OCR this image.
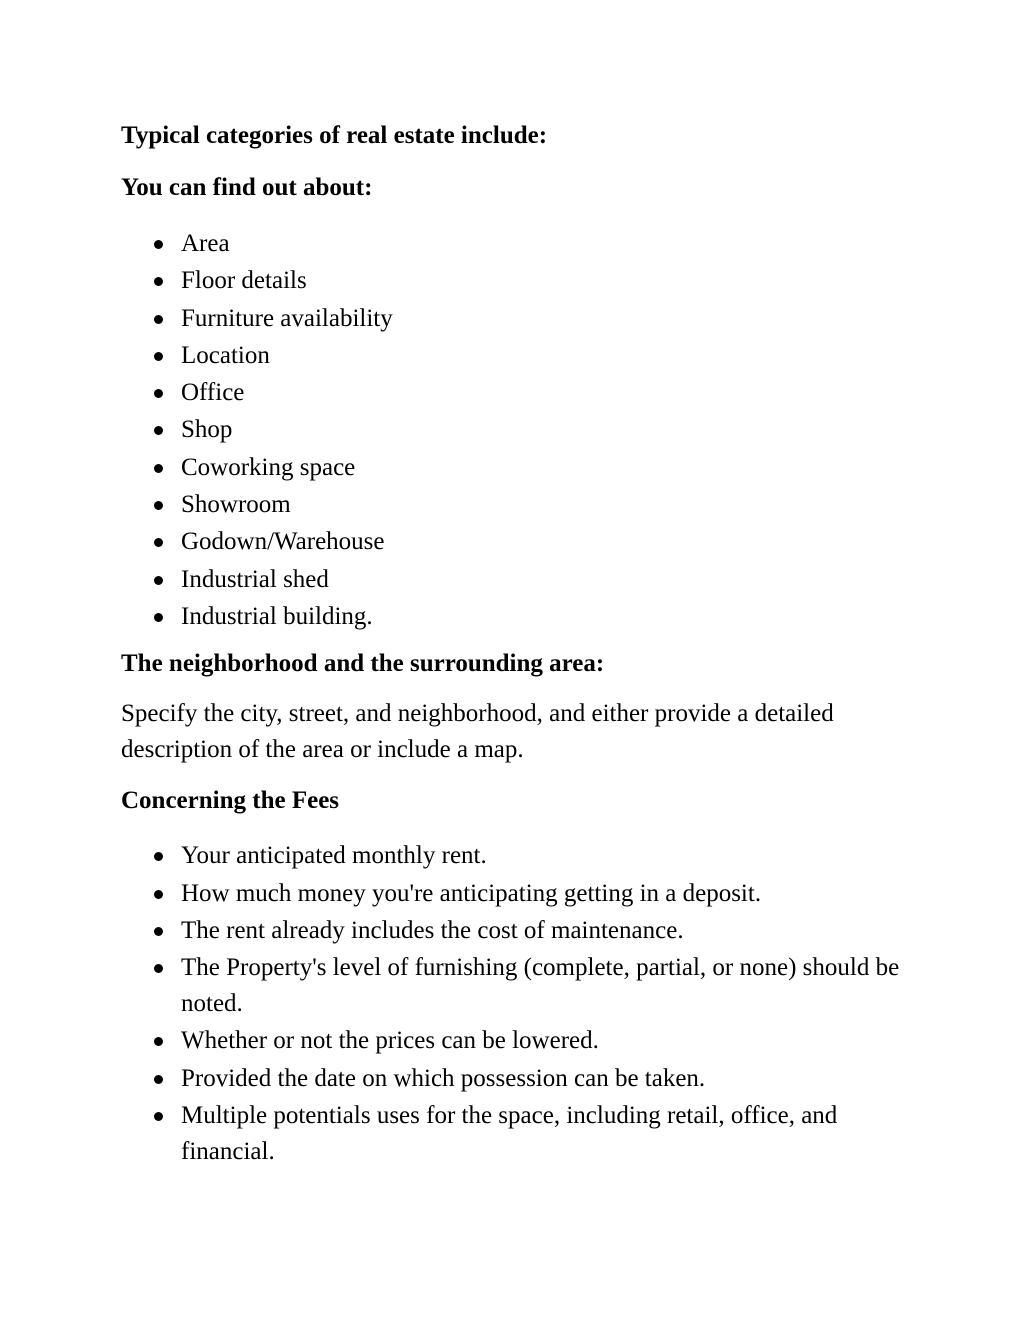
Typical categories of real estate include:

You can find out about:

Area
Floor details
Furniture availability
Location
Office
Shop
Coworking space
Showroom
Godown/Warehouse
Industrial shed
Industrial building.

The neighborhood and the surrounding area:

Specify the city, street, and neighborhood, and either provide a detailed description of the area or include a map.

Concerning the Fees

Your anticipated monthly rent.
How much money you're anticipating getting in a deposit.
The rent already includes the cost of maintenance.
The Property's level of furnishing (complete, partial, or none) should be noted.
Whether or not the prices can be lowered.
Provided the date on which possession can be taken.
Multiple potentials uses for the space, including retail, office, and financial.
